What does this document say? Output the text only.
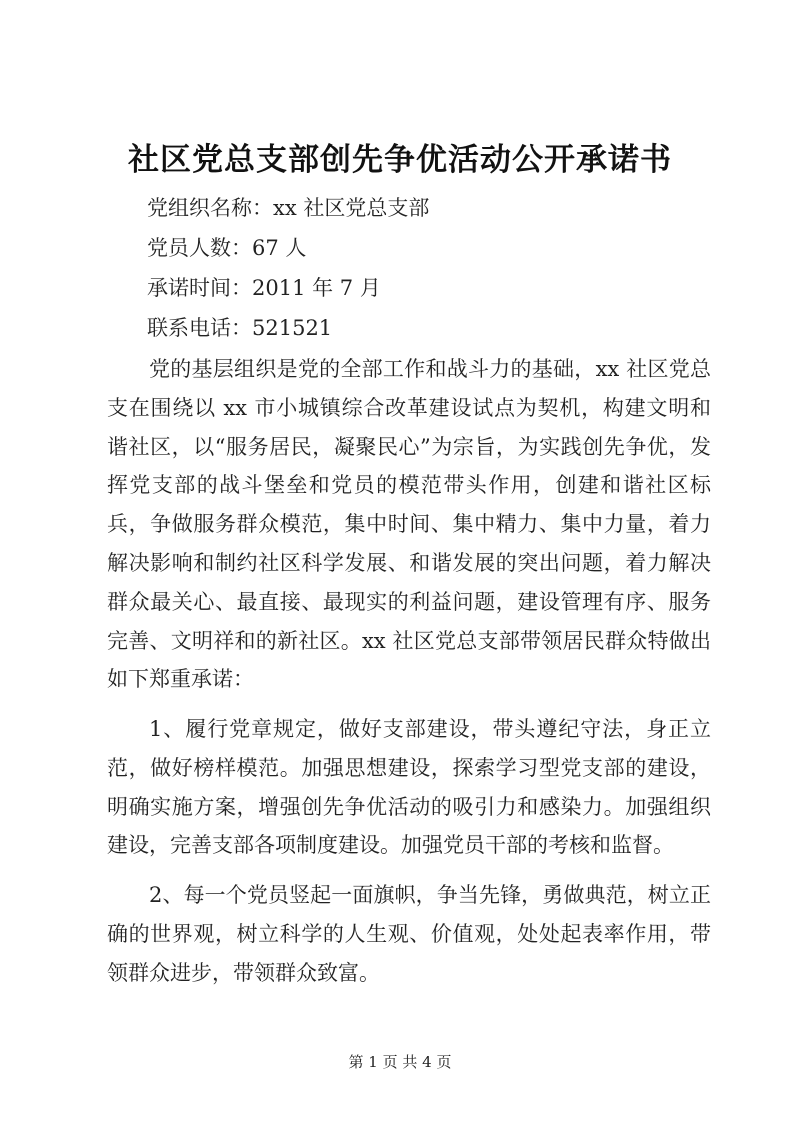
社区党总支部创先争优活动公开承诺书
党组织名称：xx 社区党总支部
党员人数：67 人
承诺时间：2011 年 7 月
联系电话：521521

党的基层组织是党的全部工作和战斗力的基础，xx 社区党总支在围绕以 xx 市小城镇综合改革建设试点为契机，构建文明和谐社区，以“服务居民，凝聚民心”为宗旨，为实践创先争优，发挥党支部的战斗堡垒和党员的模范带头作用，创建和谐社区标兵，争做服务群众模范，集中时间、集中精力、集中力量，着力解决影响和制约社区科学发展、和谐发展的突出问题，着力解决群众最关心、最直接、最现实的利益问题，建设管理有序、服务完善、文明祥和的新社区。xx 社区党总支部带领居民群众特做出如下郑重承诺：

1、履行党章规定，做好支部建设，带头遵纪守法，身正立范，做好榜样模范。加强思想建设，探索学习型党支部的建设，明确实施方案，增强创先争优活动的吸引力和感染力。加强组织建设，完善支部各项制度建设。加强党员干部的考核和监督。

2、每一个党员竖起一面旗帜，争当先锋，勇做典范，树立正确的世界观，树立科学的人生观、价值观，处处起表率作用，带领群众进步，带领群众致富。

第 1 页 共 4 页
